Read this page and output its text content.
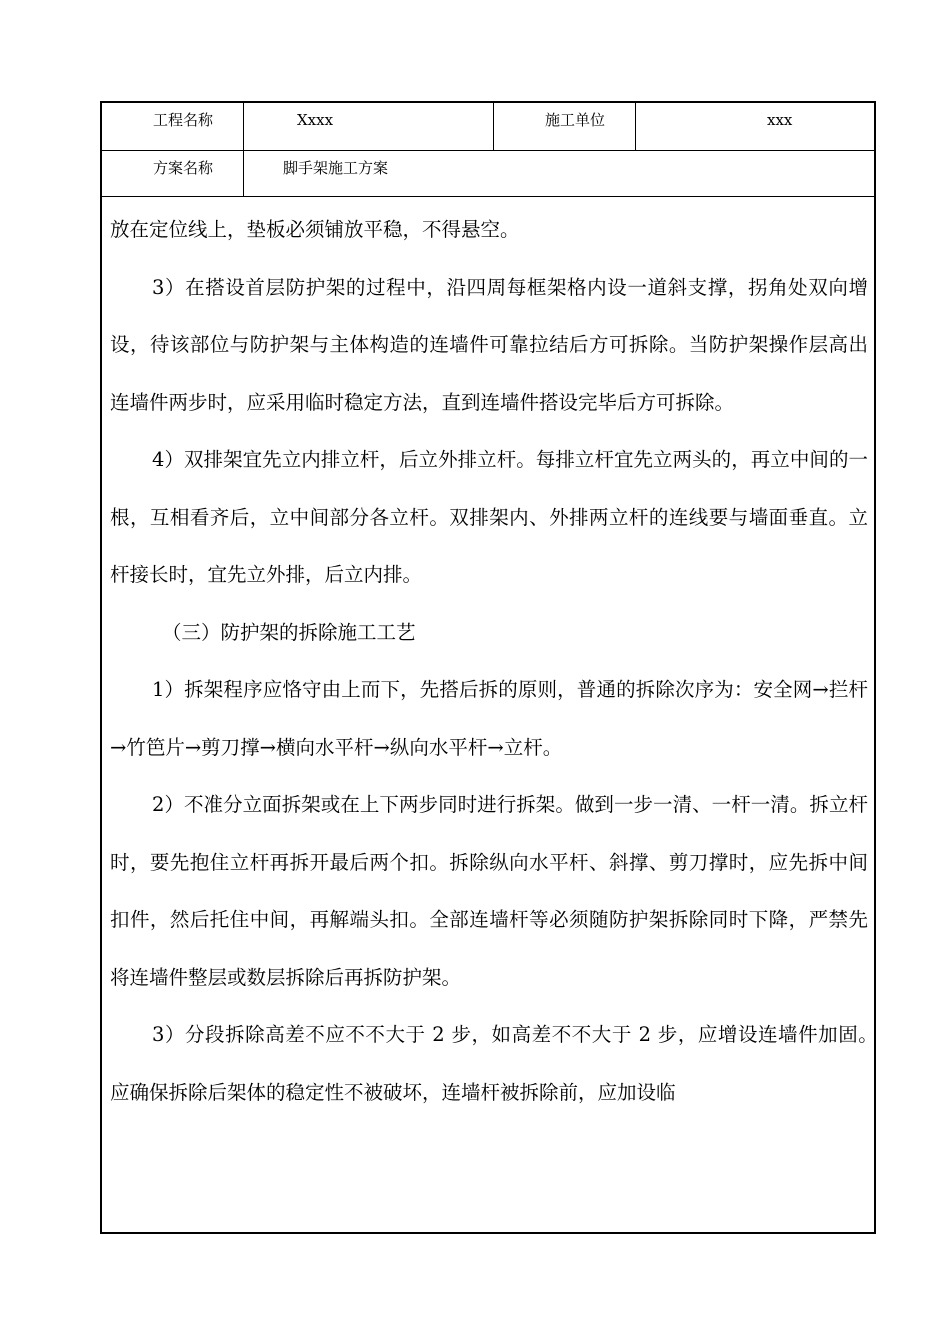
工程名称	Xxxx	施工单位	xxx
方案名称	脚手架施工方案

放在定位线上，垫板必须铺放平稳，不得悬空。

3）在搭设首层防护架的过程中，沿四周每框架格内设一道斜支撑，拐角处双向增设，待该部位与防护架与主体构造的连墙件可靠拉结后方可拆除。当防护架操作层高出连墙件两步时，应采用临时稳定方法，直到连墙件搭设完毕后方可拆除。

4）双排架宜先立内排立杆，后立外排立杆。每排立杆宜先立两头的，再立中间的一根，互相看齐后，立中间部分各立杆。双排架内、外排两立杆的连线要与墙面垂直。立杆接长时，宜先立外排，后立内排。

（三）防护架的拆除施工工艺

1）拆架程序应恪守由上而下，先搭后拆的原则，普通的拆除次序为：安全网→拦杆→竹笆片→剪刀撑→横向水平杆→纵向水平杆→立杆。

2）不准分立面拆架或在上下两步同时进行拆架。做到一步一清、一杆一清。拆立杆时，要先抱住立杆再拆开最后两个扣。拆除纵向水平杆、斜撑、剪刀撑时，应先拆中间扣件，然后托住中间，再解端头扣。全部连墙杆等必须随防护架拆除同时下降，严禁先将连墙件整层或数层拆除后再拆防护架。

3）分段拆除高差不应不不大于 2 步，如高差不不大于 2 步，应增设连墙件加固。　应确保拆除后架体的稳定性不被破坏，连墙杆被拆除前，应加设临
